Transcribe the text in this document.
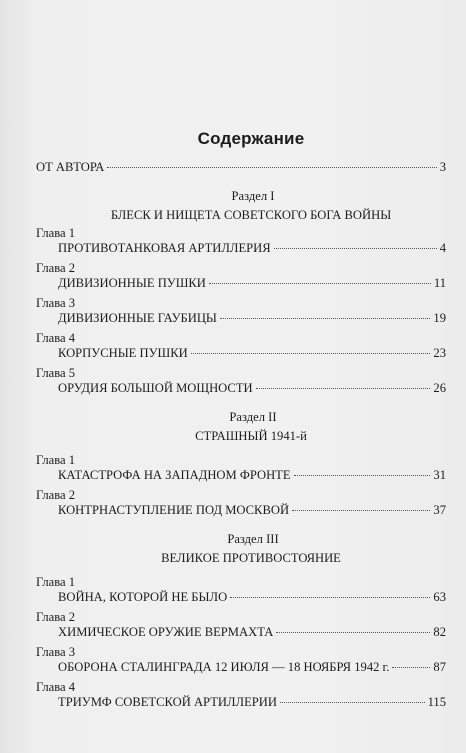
Содержание
ОТ АВТОРА	3
Раздел I
БЛЕСК И НИЩЕТА СОВЕТСКОГО БОГА ВОЙНЫ
Глава 1
ПРОТИВОТАНКОВАЯ АРТИЛЛЕРИЯ	4
Глава 2
ДИВИЗИОННЫЕ ПУШКИ	11
Глава 3
ДИВИЗИОННЫЕ ГАУБИЦЫ	19
Глава 4
КОРПУСНЫЕ ПУШКИ	23
Глава 5
ОРУДИЯ БОЛЬШОЙ МОЩНОСТИ	26
Раздел II
СТРАШНЫЙ 1941-й
Глава 1
КАТАСТРОФА НА ЗАПАДНОМ ФРОНТЕ	31
Глава 2
КОНТРНАСТУПЛЕНИЕ ПОД МОСКВОЙ	37
Раздел III
ВЕЛИКОЕ ПРОТИВОСТОЯНИЕ
Глава 1
ВОЙНА, КОТОРОЙ НЕ БЫЛО	63
Глава 2
ХИМИЧЕСКОЕ ОРУЖИЕ ВЕРМАХТА	82
Глава 3
ОБОРОНА СТАЛИНГРАДА 12 ИЮЛЯ — 18 НОЯБРЯ 1942 г.	87
Глава 4
ТРИУМФ СОВЕТСКОЙ АРТИЛЛЕРИИ	115
